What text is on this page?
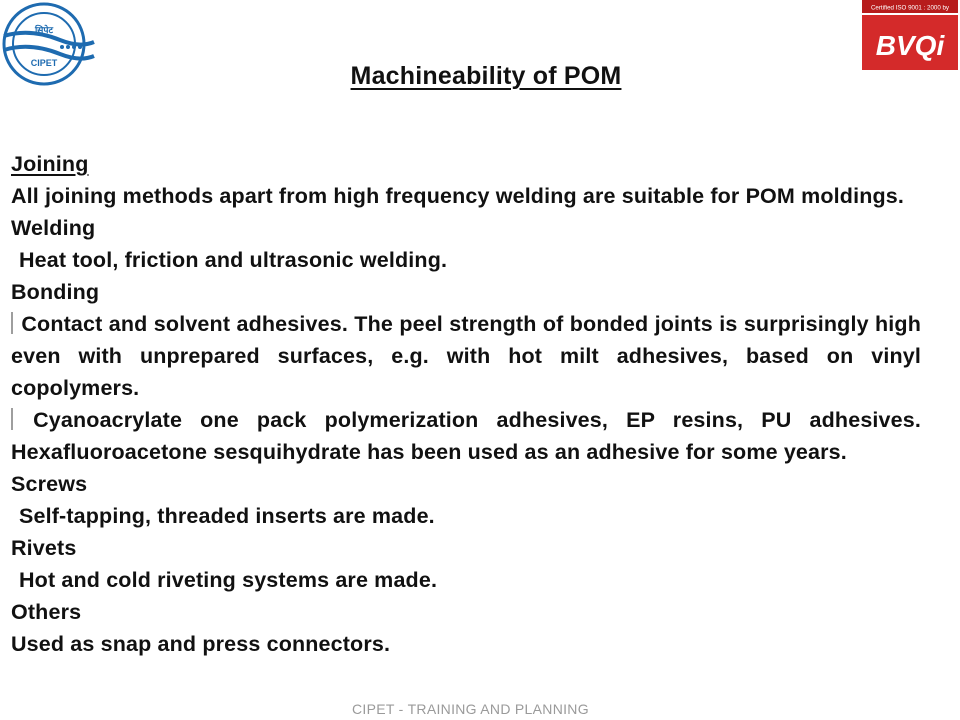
सिपेट
CIPET
Certified ISO 9001 : 2000 by
BVQi
Machineability of POM

Joining

All joining methods apart from high frequency welding are suitable for POM moldings.

Welding

Heat tool, friction and ultrasonic welding.

Bonding

Contact and solvent adhesives. The peel strength of bonded joints is surprisingly high even with unprepared surfaces, e.g. with hot milt adhesives, based on vinyl copolymers.

Cyanoacrylate one pack polymerization adhesives, EP resins, PU adhesives. Hexafluoroacetone sesquihydrate has been used as an adhesive for some years.

Screws

Self-tapping, threaded inserts are made.

Rivets

Hot and cold riveting systems are made.

Others

Used as snap and press connectors.

CIPET - TRAINING AND PLANNING
